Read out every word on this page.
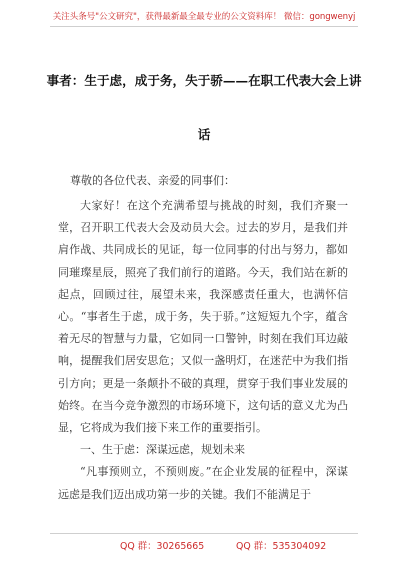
关注头条号"公文研究"，获得最新最全最专业的公文资料库！ 微信：gongwenyj
事者：生于虑，成于务，失于骄——在职工代表大会上讲
话
尊敬的各位代表、亲爱的同事们：

大家好！在这个充满希望与挑战的时刻，我们齐聚一堂，召开职工代表大会及动员大会。过去的岁月，是我们并肩作战、共同成长的见证，每一位同事的付出与努力，都如同璀璨星辰，照亮了我们前行的道路。今天，我们站在新的起点，回顾过往，展望未来，我深感责任重大，也满怀信心。“事者生于虑，成于务，失于骄。”这短短九个字，蕴含着无尽的智慧与力量，它如同一口警钟，时刻在我们耳边敲响，提醒我们居安思危；又似一盏明灯，在迷茫中为我们指引方向；更是一条颠扑不破的真理，贯穿于我们事业发展的始终。在当今竞争激烈的市场环境下，这句话的意义尤为凸显，它将成为我们接下来工作的重要指引。

一、生于虑：深谋远虑，规划未来

“凡事预则立，不预则废。”在企业发展的征程中，深谋远虑是我们迈出成功第一步的关键。我们不能满足于

QQ 群：30265665	QQ 群：535304092
